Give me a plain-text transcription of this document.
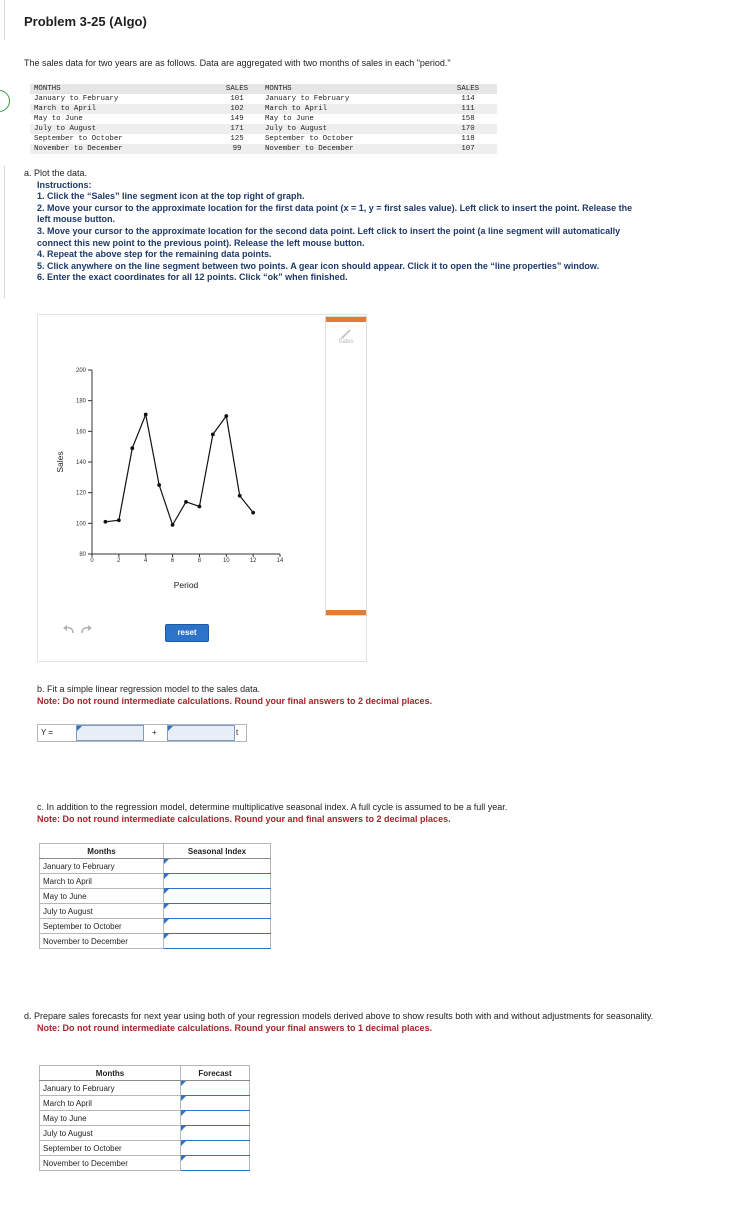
Problem 3-25 (Algo)
The sales data for two years are as follows. Data are aggregated with two months of sales in each "period."
MONTHS	SALES	MONTHS	SALES
January to February	101	January to February	114
March to April	102	March to April	111
May to June	149	May to June	158
July to August	171	July to August	170
September to October	125	September to October	118
November to December	99	November to December	107
a. Plot the data.
Instructions:
1. Click the “Sales” line segment icon at the top right of graph.
2. Move your cursor to the approximate location for the first data point (x = 1, y = first sales value). Left click to insert the point. Release the left mouse button.
3. Move your cursor to the approximate location for the second data point. Left click to insert the point (a line segment will automatically connect this new point to the previous point). Release the left mouse button.
4. Repeat the above step for the remaining data points.
5. Click anywhere on the line segment between two points. A gear icon should appear. Click it to open the “line properties” window.
6. Enter the exact coordinates for all 12 points. Click “ok” when finished.
80
100
120
140
160
180
200
0	2	4	6	8	10	12	14
Period
Sales
Sales
reset
b. Fit a simple linear regression model to the sales data.
Note: Do not round intermediate calculations. Round your final answers to 2 decimal places.
Y =	+	t
c. In addition to the regression model, determine multiplicative seasonal index. A full cycle is assumed to be a full year.
Note: Do not round intermediate calculations. Round your and final answers to 2 decimal places.
Months	Seasonal Index
January to February	

March to April	

May to June	

July to August	

September to October	

November to December	
d. Prepare sales forecasts for next year using both of your regression models derived above to show results both with and without adjustments for seasonality.
Note: Do not round intermediate calculations. Round your final answers to 1 decimal places.
Months	Forecast
January to February	

March to April	

May to June	

July to August	

September to October	

November to December	
